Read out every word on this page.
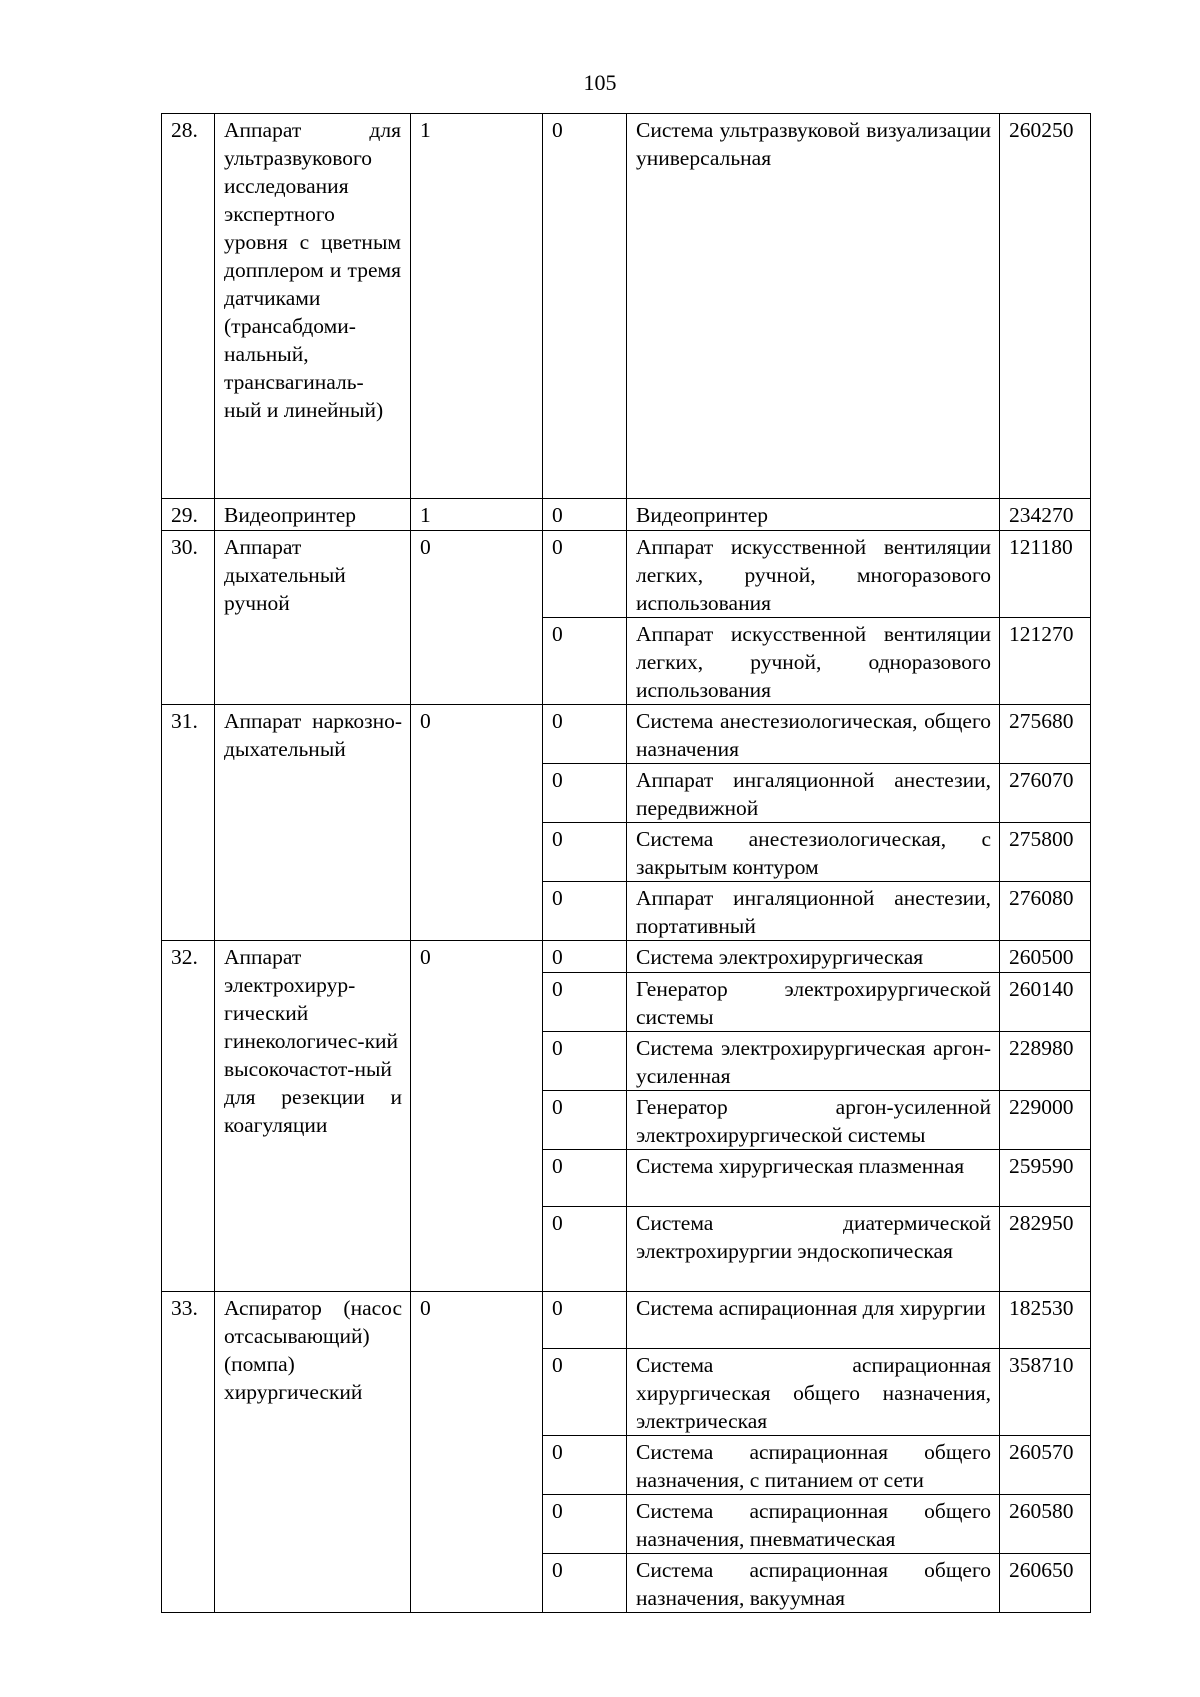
105
28.	Аппарат для ультразвукового исследования экспертного уровня с цветным допплером и тремя датчиками (трансабдоми-нальный, трансвагиналь-ный и линейный)	1	0	Система ультразвуковой визуализации универсальная	260250
29.	Видеопринтер	1	0	Видеопринтер	234270
30.	Аппарат дыхательный ручной	0	0	Аппарат искусственной вентиляции легких, ручной, многоразового использования	121180
			0	Аппарат искусственной вентиляции легких, ручной, одноразового использования	121270
31.	Аппарат наркозно-дыхательный	0	0	Система анестезиологическая, общего назначения	275680
			0	Аппарат ингаляционной анестезии, передвижной	276070
			0	Система анестезиологическая, с закрытым контуром	275800
			0	Аппарат ингаляционной анестезии, портативный	276080
32.	Аппарат электрохирур-гический гинекологичес-кий высокочастот-ный для резекции и коагуляции	0	0	Система электрохирургическая	260500
			0	Генератор электрохирургической системы	260140
			0	Система электрохирургическая аргон-усиленная	228980
			0	Генератор аргон-усиленной электрохирургической системы	229000
			0	Система хирургическая плазменная	259590
			0	Система диатермической электрохирургии эндоскопическая	282950
33.	Аспиратор (насос отсасывающий) (помпа) хирургический	0	0	Система аспирационная для хирургии	182530
			0	Система аспирационная хирургическая общего назначения, электрическая	358710
			0	Система аспирационная общего назначения, с питанием от сети	260570
			0	Система аспирационная общего назначения, пневматическая	260580
			0	Система аспирационная общего назначения, вакуумная	260650
